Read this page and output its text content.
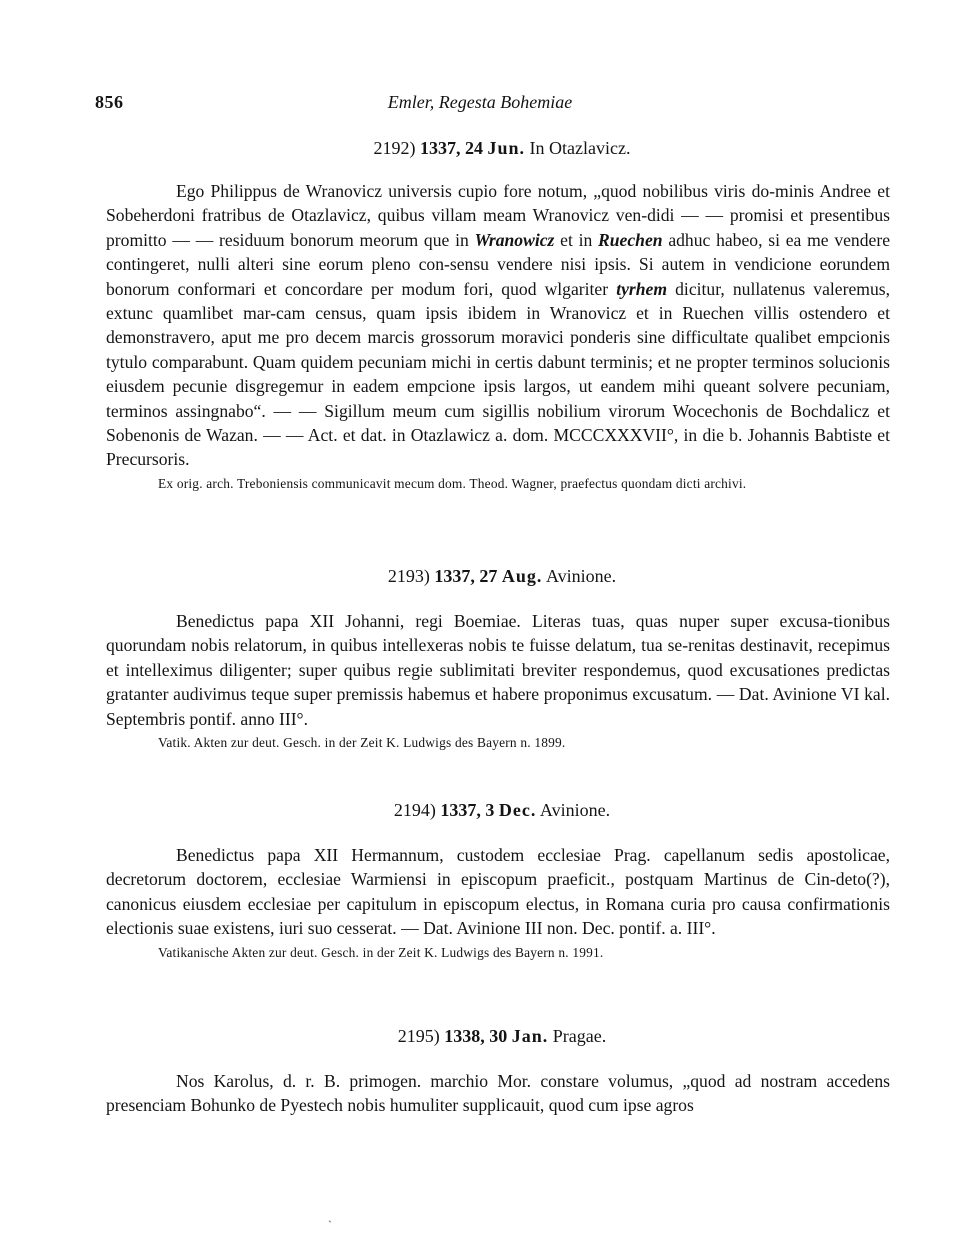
856	Emler, Regesta Bohemiae
2192) 1337, 24 Jun. In Otazlavicz.

Ego Philippus de Wranovicz universis cupio fore notum, „quod nobilibus viris do-minis Andree et Sobeherdoni fratribus de Otazlavicz, quibus villam meam Wranovicz ven-didi — — promisi et presentibus promitto — — residuum bonorum meorum que in Wranowicz et in Ruechen adhuc habeo, si ea me vendere contingeret, nulli alteri sine eorum pleno con-sensu vendere nisi ipsis. Si autem in vendicione eorundem bonorum conformari et concordare per modum fori, quod wlgariter tyrhem dicitur, nullatenus valeremus, extunc quamlibet mar-cam census, quam ipsis ibidem in Wranovicz et in Ruechen villis ostendero et demonstravero, aput me pro decem marcis grossorum moravici ponderis sine difficultate qualibet empcionis tytulo comparabunt. Quam quidem pecuniam michi in certis dabunt terminis; et ne propter terminos solucionis eiusdem pecunie disgregemur in eadem empcione ipsis largos, ut eandem mihi queant solvere pecuniam, terminos assingnabo“. — — Sigillum meum cum sigillis nobilium virorum Wocechonis de Bochdalicz et Sobenonis de Wazan. — — Act. et dat. in Otazlawicz a. dom. MCCCXXXVII°, in die b. Johannis Babtiste et Precursoris.

Ex orig. arch. Treboniensis communicavit mecum dom. Theod. Wagner, praefectus quondam dicti archivi.
2193) 1337, 27 Aug. Avinione.

Benedictus papa XII Johanni, regi Boemiae. Literas tuas, quas nuper super excusa-tionibus quorundam nobis relatorum, in quibus intellexeras nobis te fuisse delatum, tua se-renitas destinavit, recepimus et intelleximus diligenter; super quibus regie sublimitati breviter respondemus, quod excusationes predictas gratanter audivimus teque super premissis habemus et habere proponimus excusatum. — Dat. Avinione VI kal. Septembris pontif. anno III°.

Vatik. Akten zur deut. Gesch. in der Zeit K. Ludwigs des Bayern n. 1899.
2194) 1337, 3 Dec. Avinione.

Benedictus papa XII Hermannum, custodem ecclesiae Prag. capellanum sedis apostolicae, decretorum doctorem, ecclesiae Warmiensi in episcopum praeficit., postquam Martinus de Cin-deto(?), canonicus eiusdem ecclesiae per capitulum in episcopum electus, in Romana curia pro causa confirmationis electionis suae existens, iuri suo cesserat. — Dat. Avinione III non. Dec. pontif. a. III°.

Vatikanische Akten zur deut. Gesch. in der Zeit K. Ludwigs des Bayern n. 1991.
2195) 1338, 30 Jan. Pragae.

Nos Karolus, d. r. B. primogen. marchio Mor. constare volumus, „quod ad nostram accedens presenciam Bohunko de Pyestech nobis humuliter supplicauit, quod cum ipse agros

ˋ
